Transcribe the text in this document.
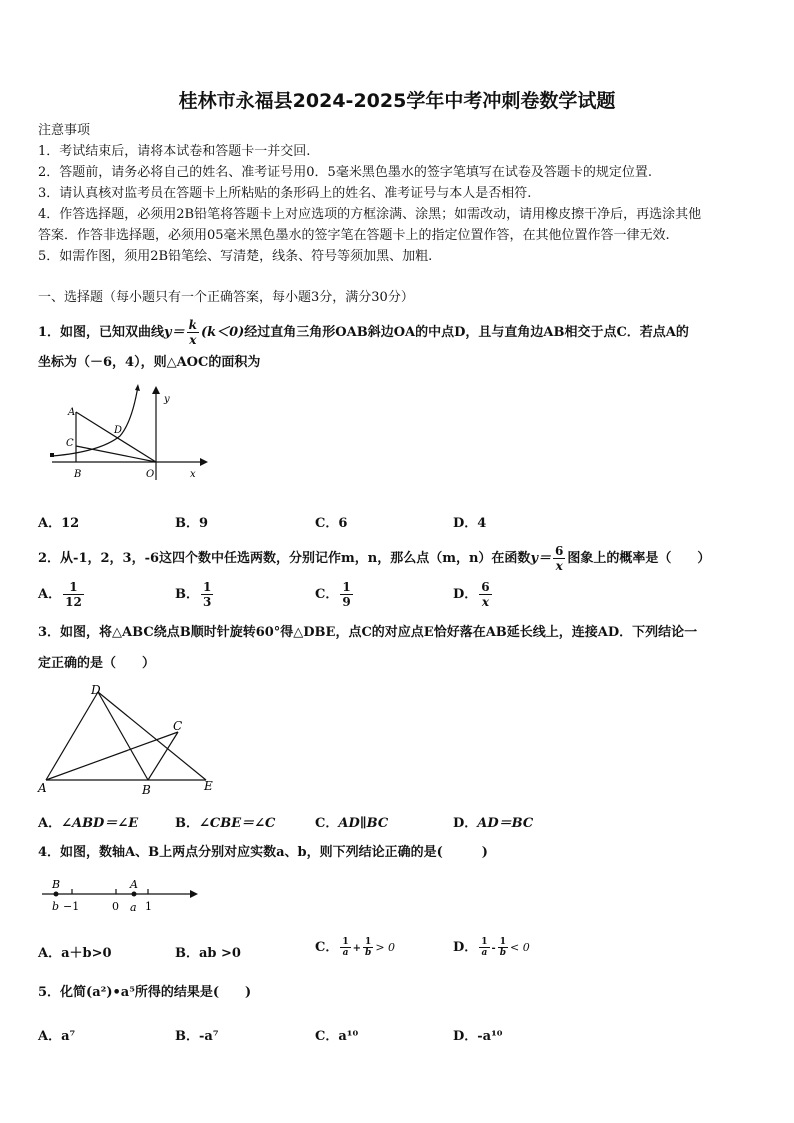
桂林市永福县2024-2025学年中考冲刺卷数学试题
注意事项
1．考试结束后，请将本试卷和答题卡一并交回.
2．答题前，请务必将自己的姓名、准考证号用0．5毫米黑色墨水的签字笔填写在试卷及答题卡的规定位置.
3．请认真核对监考员在答题卡上所粘贴的条形码上的姓名、准考证号与本人是否相符.
4．作答选择题，必须用2B铅笔将答题卡上对应选项的方框涂满、涂黑；如需改动，请用橡皮擦干净后，再选涂其他
答案．作答非选择题，必须用05毫米黑色墨水的签字笔在答题卡上的指定位置作答，在其他位置作答一律无效.
5．如需作图，须用2B铅笔绘、写清楚，线条、符号等须加黑、加粗.
一、选择题（每小题只有一个正确答案，每小题3分，满分30分）
1．如图，已知双曲线$y= \frac{k}{x} (k<0)$经过直角三角形OAB斜边OA的中点D，且与直角边AB相交于点C．若点A的
坐标为（－6，4），则△AOC的面积为
A
C
D
B	O	x
y
A．12	B．9	C．6	D．4
2．从-1，2，3，-6这四个数中任选两数，分别记作m，n，那么点（m，n）在函数$y= \frac{6}{x}$ 图象上的概率是（　　）
A． $\frac{1}{12}$	B． $\frac{1}{3}$	C． $\frac{1}{9}$	D． $\frac{6}{x}$
3．如图，将△ABC绕点B顺时针旋转60°得△DBE，点C的对应点E恰好落在AB延长线上，连接AD．下列结论一
定正确的是（　　）
D
C
A	B	E
A．∠ABD＝∠E	B．∠CBE＝∠C	C．AD∥BC	D．AD＝BC
4．如图，数轴A、B上两点分别对应实数a、b，则下列结论正确的是(　　　)
B	A
b −1	0 a 1
A．a＋b>0	B．ab >0	C． $\frac{1}{a} + \frac{1}{b} > 0$	D． $\frac{1}{a} - \frac{1}{b} < 0$
5．化简(a²)•a⁵所得的结果是(　　)
A．a⁷	B．-a⁷	C．a¹⁰	D．-a¹⁰
